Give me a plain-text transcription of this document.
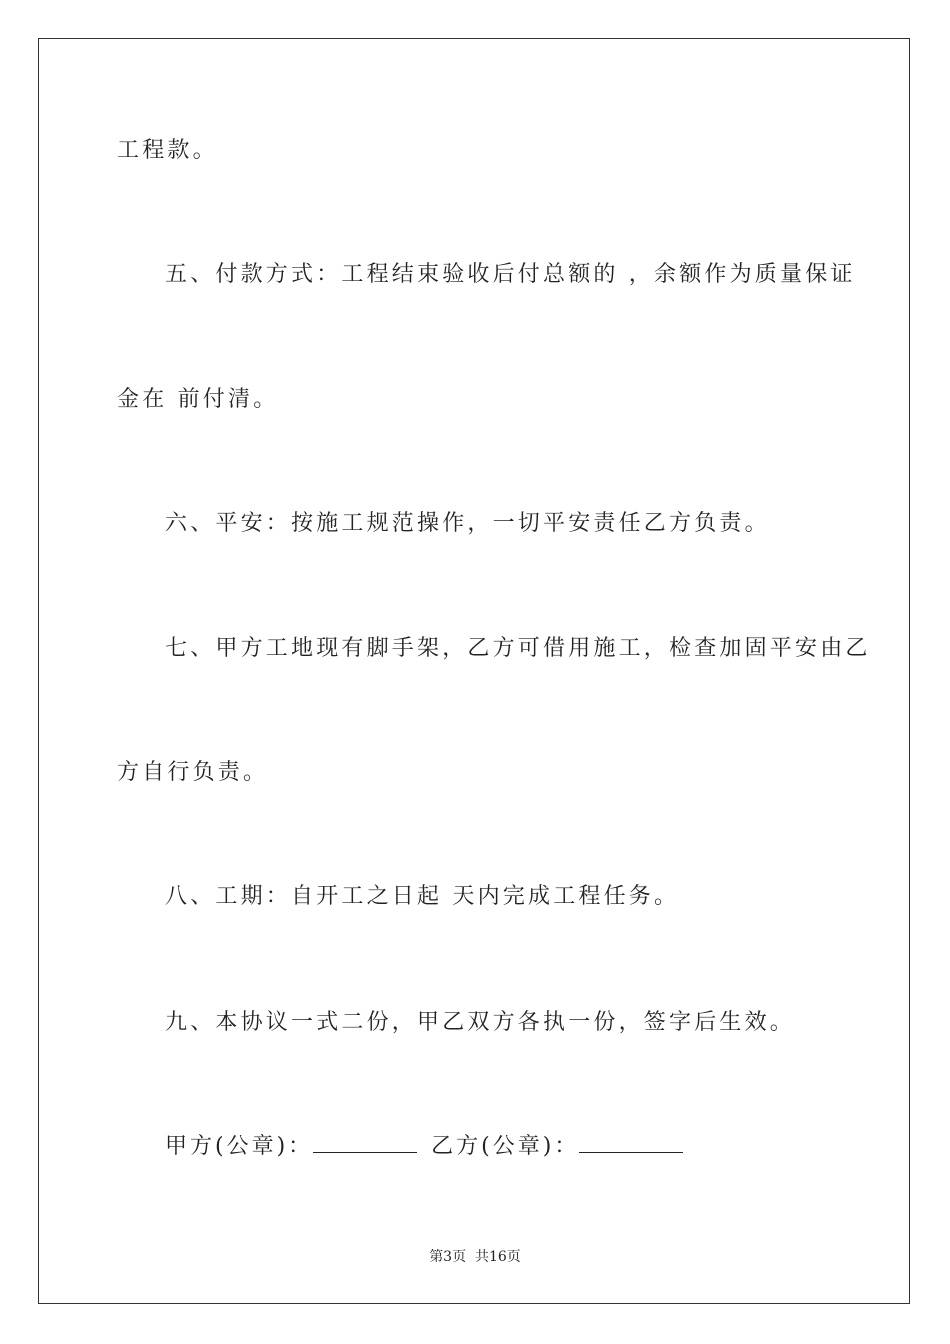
工程款。
五、付款方式：工程结束验收后付总额的 ，余额作为质量保证
金在 前付清。
六、平安：按施工规范操作，一切平安责任乙方负责。
七、甲方工地现有脚手架，乙方可借用施工，检查加固平安由乙
方自行负责。
八、工期：自开工之日起 天内完成工程任务。
九、本协议一式二份，甲乙双方各执一份，签字后生效。
甲方(公章)：	乙方(公章)：
第3页  共16页
